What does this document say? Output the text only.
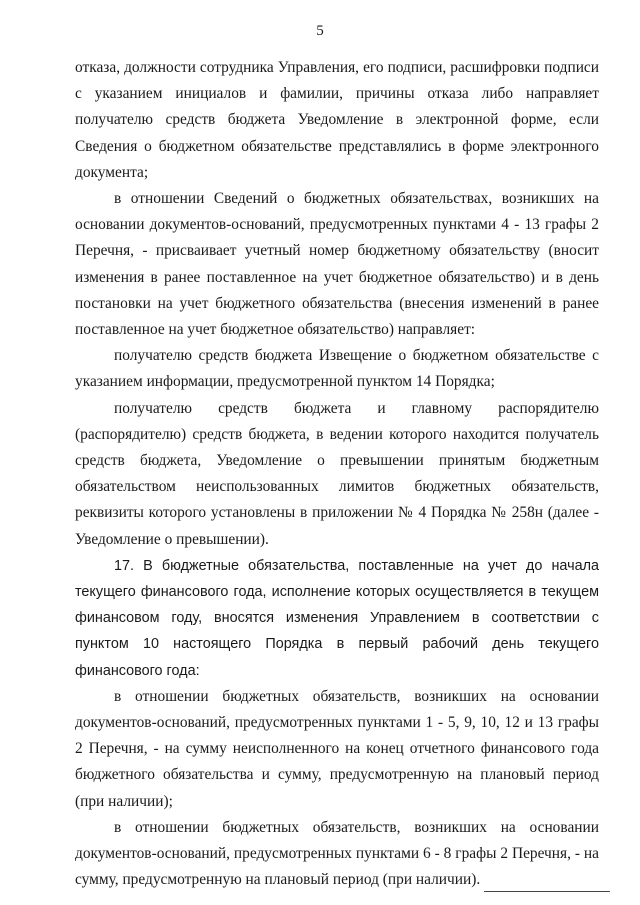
5

отказа, должности сотрудника Управления, его подписи, расшифровки подписи с указанием инициалов и фамилии, причины отказа либо направляет получателю средств бюджета Уведомление в электронной форме, если Сведения о бюджетном обязательстве представлялись в форме электронного документа;

в отношении Сведений о бюджетных обязательствах, возникших на основании документов-оснований, предусмотренных пунктами 4 - 13 графы 2 Перечня, - присваивает учетный номер бюджетному обязательству (вносит изменения в ранее поставленное на учет бюджетное обязательство) и в день постановки на учет бюджетного обязательства (внесения изменений в ранее поставленное на учет бюджетное обязательство) направляет:

получателю средств бюджета Извещение о бюджетном обязательстве с указанием информации, предусмотренной пунктом 14 Порядка;

получателю средств бюджета и главному распорядителю (распорядителю) средств бюджета, в ведении которого находится получатель средств бюджета, Уведомление о превышении принятым бюджетным обязательством неиспользованных лимитов бюджетных обязательств, реквизиты которого установлены в приложении № 4 Порядка № 258н (далее - Уведомление о превышении).

17. В бюджетные обязательства, поставленные на учет до начала текущего финансового года, исполнение которых осуществляется в текущем финансовом году, вносятся изменения Управлением в соответствии с пунктом 10 настоящего Порядка в первый рабочий день текущего финансового года:

в отношении бюджетных обязательств, возникших на основании документов-оснований, предусмотренных пунктами 1 - 5, 9, 10, 12 и 13 графы 2 Перечня, - на сумму неисполненного на конец отчетного финансового года бюджетного обязательства и сумму, предусмотренную на плановый период (при наличии);

в отношении бюджетных обязательств, возникших на основании документов-оснований, предусмотренных пунктами 6 - 8 графы 2 Перечня, - на сумму, предусмотренную на плановый период (при наличии).
